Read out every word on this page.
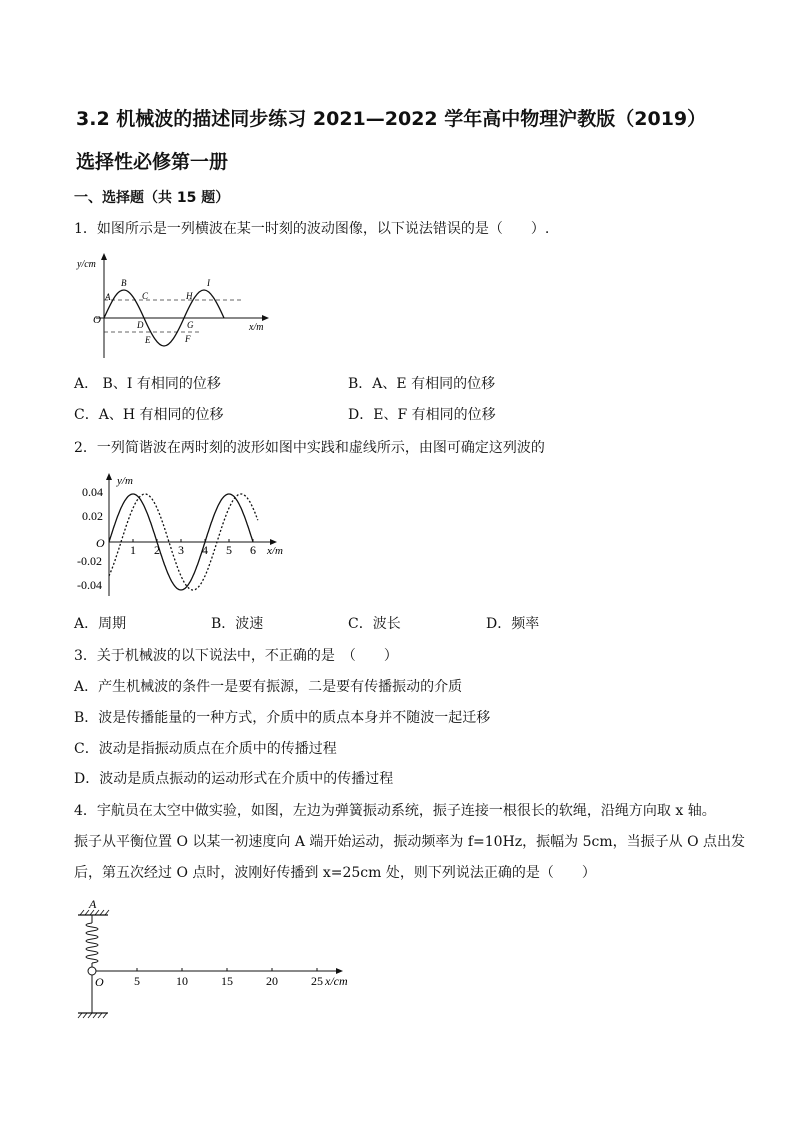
3.2 机械波的描述同步练习 2021—2022 学年高中物理沪教版（2019）
选择性必修第一册
一、选择题（共 15 题）
1．如图所示是一列横波在某一时刻的波动图像，以下说法错误的是（　　）.
y/cm
x/m
O
A
B
C	H
I
D	G
E	F
A． B、I 有相同的位移	B．A、E 有相同的位移
C．A、H 有相同的位移	D．E、F 有相同的位移
2．一列简谐波在两时刻的波形如图中实践和虚线所示，由图可确定这列波的
y/m
x/m
O
0.04
0.02
-0.02
-0.04
1 2 3 4 5 6
A．周期	B．波速	C．波长	D．频率
3．关于机械波的以下说法中，不正确的是　（　　）
A．产生机械波的条件一是要有振源，二是要有传播振动的介质
B．波是传播能量的一种方式，介质中的质点本身并不随波一起迁移
C．波动是指振动质点在介质中的传播过程
D．波动是质点振动的运动形式在介质中的传播过程
4．宇航员在太空中做实验，如图，左边为弹簧振动系统，振子连接一根很长的软绳，沿绳方向取 x 轴。
振子从平衡位置 O 以某一初速度向 A 端开始运动，振动频率为 f=10Hz，振幅为 5cm，当振子从 O 点出发
后，第五次经过 O 点时，波刚好传播到 x=25cm 处，则下列说法正确的是（　　）
A
O	5	10	15	20	25 x/cm
